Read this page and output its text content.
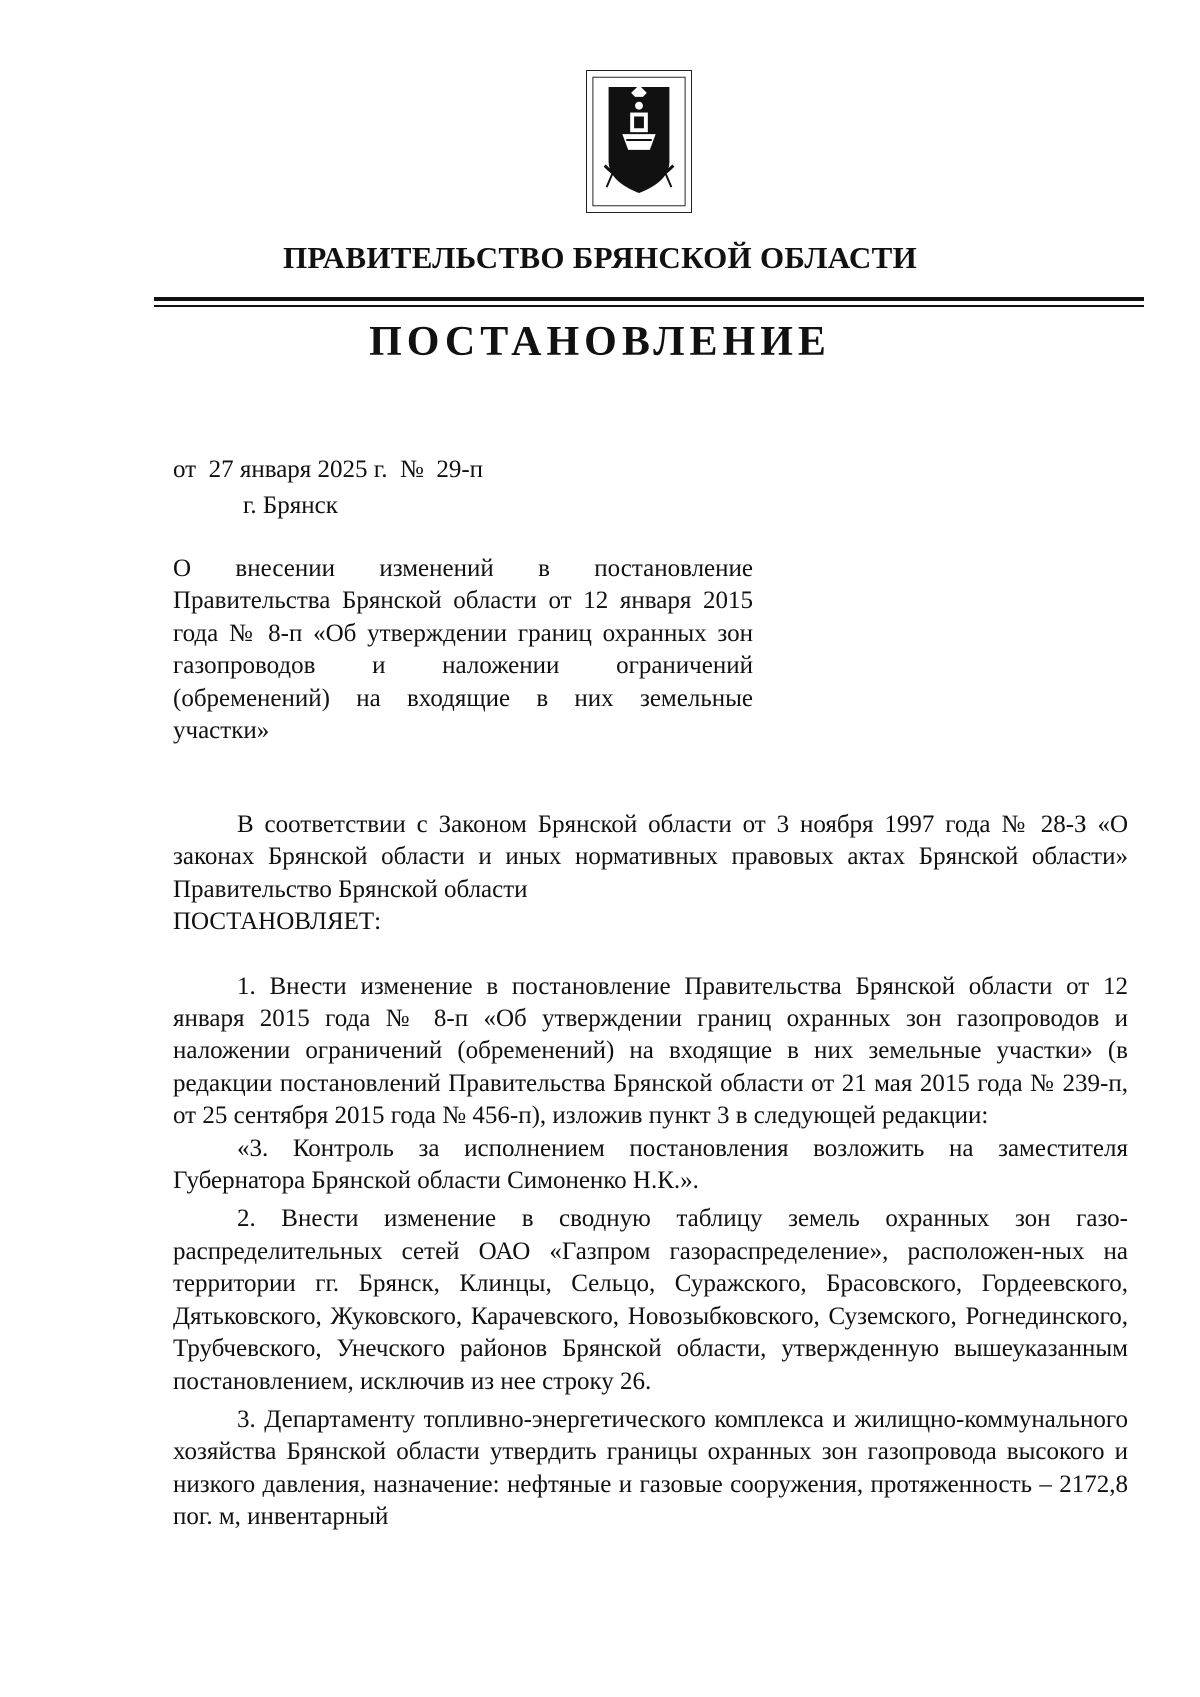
ПРАВИТЕЛЬСТВО БРЯНСКОЙ ОБЛАСТИ
ПОСТАНОВЛЕНИЕ
от 27 января 2025 г. № 29-п
г. Брянск
О внесении изменений в постановление Правительства Брянской области от 12 января 2015 года № 8-п «Об утверждении границ охранных зон газопроводов и наложении ограничений (обременений) на входящие в них земельные участки»

В соответствии с Законом Брянской области от 3 ноября 1997 года № 28-З «О законах Брянской области и иных нормативных правовых актах Брянской области» Правительство Брянской области

ПОСТАНОВЛЯЕТ:

1. Внести изменение в постановление Правительства Брянской области от 12 января 2015 года № 8-п «Об утверждении границ охранных зон газопроводов и наложении ограничений (обременений) на входящие в них земельные участки» (в редакции постановлений Правительства Брянской области от 21 мая 2015 года № 239-п, от 25 сентября 2015 года № 456-п), изложив пункт 3 в следующей редакции:

«3. Контроль за исполнением постановления возложить на заместителя Губернатора Брянской области Симоненко Н.К.».

2. Внести изменение в сводную таблицу земель охранных зон газо-распределительных сетей ОАО «Газпром газораспределение», расположен-ных на территории гг. Брянск, Клинцы, Сельцо, Суражского, Брасовского, Гордеевского, Дятьковского, Жуковского, Карачевского, Новозыбковского, Суземского, Рогнединского, Трубчевского, Унечского районов Брянской области, утвержденную вышеуказанным постановлением, исключив из нее строку 26.

3. Департаменту топливно-энергетического комплекса и жилищно-коммунального хозяйства Брянской области утвердить границы охранных зон газопровода высокого и низкого давления, назначение: нефтяные и газовые сооружения, протяженность – 2172,8 пог. м, инвентарный
